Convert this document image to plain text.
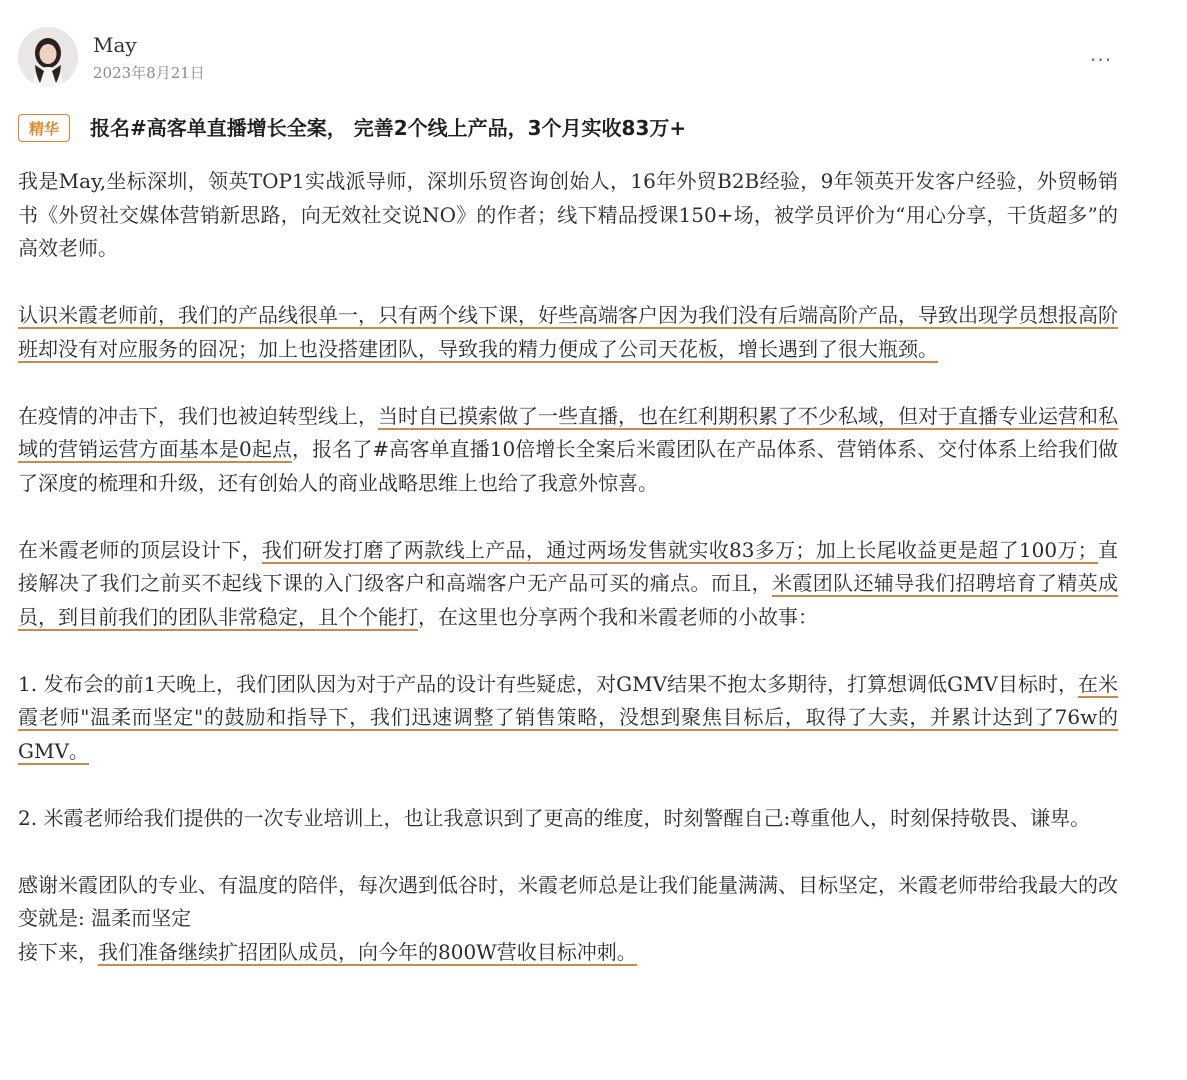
May
2023年8月21日
···
精华	报名#高客单直播增长全案， 完善2个线上产品，3个月实收83万+

我是May,坐标深圳，领英TOP1实战派导师，深圳乐贸咨询创始人，16年外贸B2B经验，9年领英开发客户经验，外贸畅销书《外贸社交媒体营销新思路，向无效社交说NO》的作者；线下精品授课150+场，被学员评价为“用心分享，干货超多”的高效老师。

认识米霞老师前，我们的产品线很单一，只有两个线下课，好些高端客户因为我们没有后端高阶产品，导致出现学员想报高阶班却没有对应服务的囧况；加上也没搭建团队，导致我的精力便成了公司天花板，增长遇到了很大瓶颈。

在疫情的冲击下，我们也被迫转型线上，当时自已摸索做了一些直播，也在红利期积累了不少私域，但对于直播专业运营和私域的营销运营方面基本是0起点，报名了#高客单直播10倍增长全案后米霞团队在产品体系、营销体系、交付体系上给我们做了深度的梳理和升级，还有创始人的商业战略思维上也给了我意外惊喜。

在米霞老师的顶层设计下，我们研发打磨了两款线上产品，通过两场发售就实收83多万；加上长尾收益更是超了100万；直接解决了我们之前买不起线下课的入门级客户和高端客户无产品可买的痛点。而且，米霞团队还辅导我们招聘培育了精英成员，到目前我们的团队非常稳定，且个个能打，在这里也分享两个我和米霞老师的小故事：

1. 发布会的前1天晚上，我们团队因为对于产品的设计有些疑虑，对GMV结果不抱太多期待，打算想调低GMV目标时，在米霞老师"温柔而坚定"的鼓励和指导下，我们迅速调整了销售策略，没想到聚焦目标后，取得了大卖，并累计达到了76w的GMV。

2. 米霞老师给我们提供的一次专业培训上，也让我意识到了更高的维度，时刻警醒自己:尊重他人，时刻保持敬畏、谦卑。

感谢米霞团队的专业、有温度的陪伴，每次遇到低谷时，米霞老师总是让我们能量满满、目标坚定，米霞老师带给我最大的改变就是: 温柔而坚定

接下来，我们准备继续扩招团队成员，向今年的800W营收目标冲刺。
